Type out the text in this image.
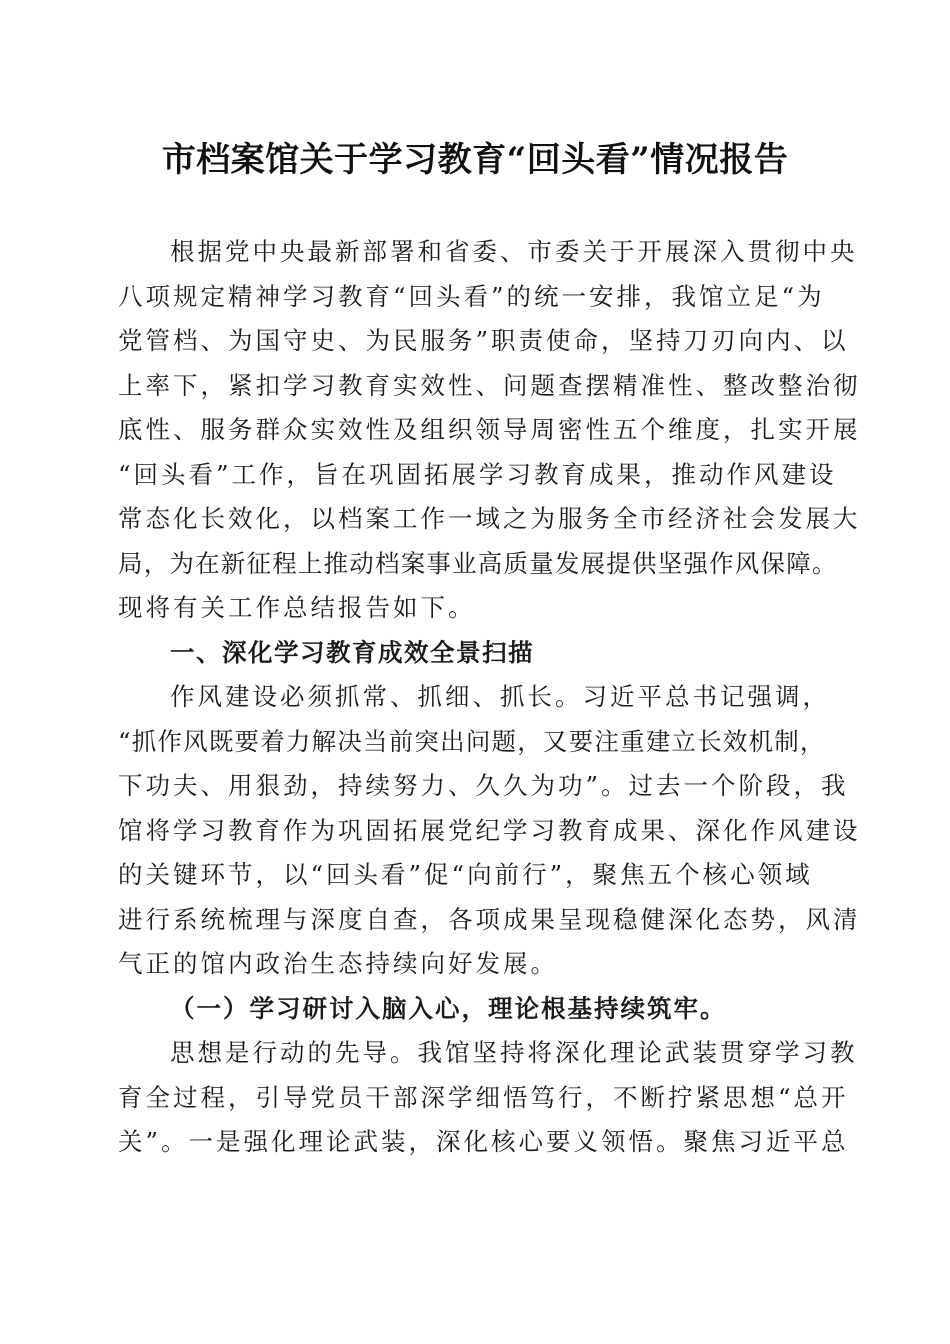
市档案馆关于学习教育“回头看”情况报告
根据党中央最新部署和省委、市委关于开展深入贯彻中央
八项规定精神学习教育“回头看”的统一安排，我馆立足“为
党管档、为国守史、为民服务”职责使命，坚持刀刃向内、以
上率下，紧扣学习教育实效性、问题查摆精准性、整改整治彻
底性、服务群众实效性及组织领导周密性五个维度，扎实开展
“回头看”工作，旨在巩固拓展学习教育成果，推动作风建设
常态化长效化，以档案工作一域之为服务全市经济社会发展大
局，为在新征程上推动档案事业高质量发展提供坚强作风保障。
现将有关工作总结报告如下。
一、深化学习教育成效全景扫描
作风建设必须抓常、抓细、抓长。习近平总书记强调，
“抓作风既要着力解决当前突出问题，又要注重建立长效机制，
下功夫、用狠劲，持续努力、久久为功”。过去一个阶段，我
馆将学习教育作为巩固拓展党纪学习教育成果、深化作风建设
的关键环节，以“回头看”促“向前行”，聚焦五个核心领域
进行系统梳理与深度自查，各项成果呈现稳健深化态势，风清
气正的馆内政治生态持续向好发展。
（一）学习研讨入脑入心，理论根基持续筑牢。
思想是行动的先导。我馆坚持将深化理论武装贯穿学习教
育全过程，引导党员干部深学细悟笃行，不断拧紧思想“总开
关”。一是强化理论武装，深化核心要义领悟。聚焦习近平总
